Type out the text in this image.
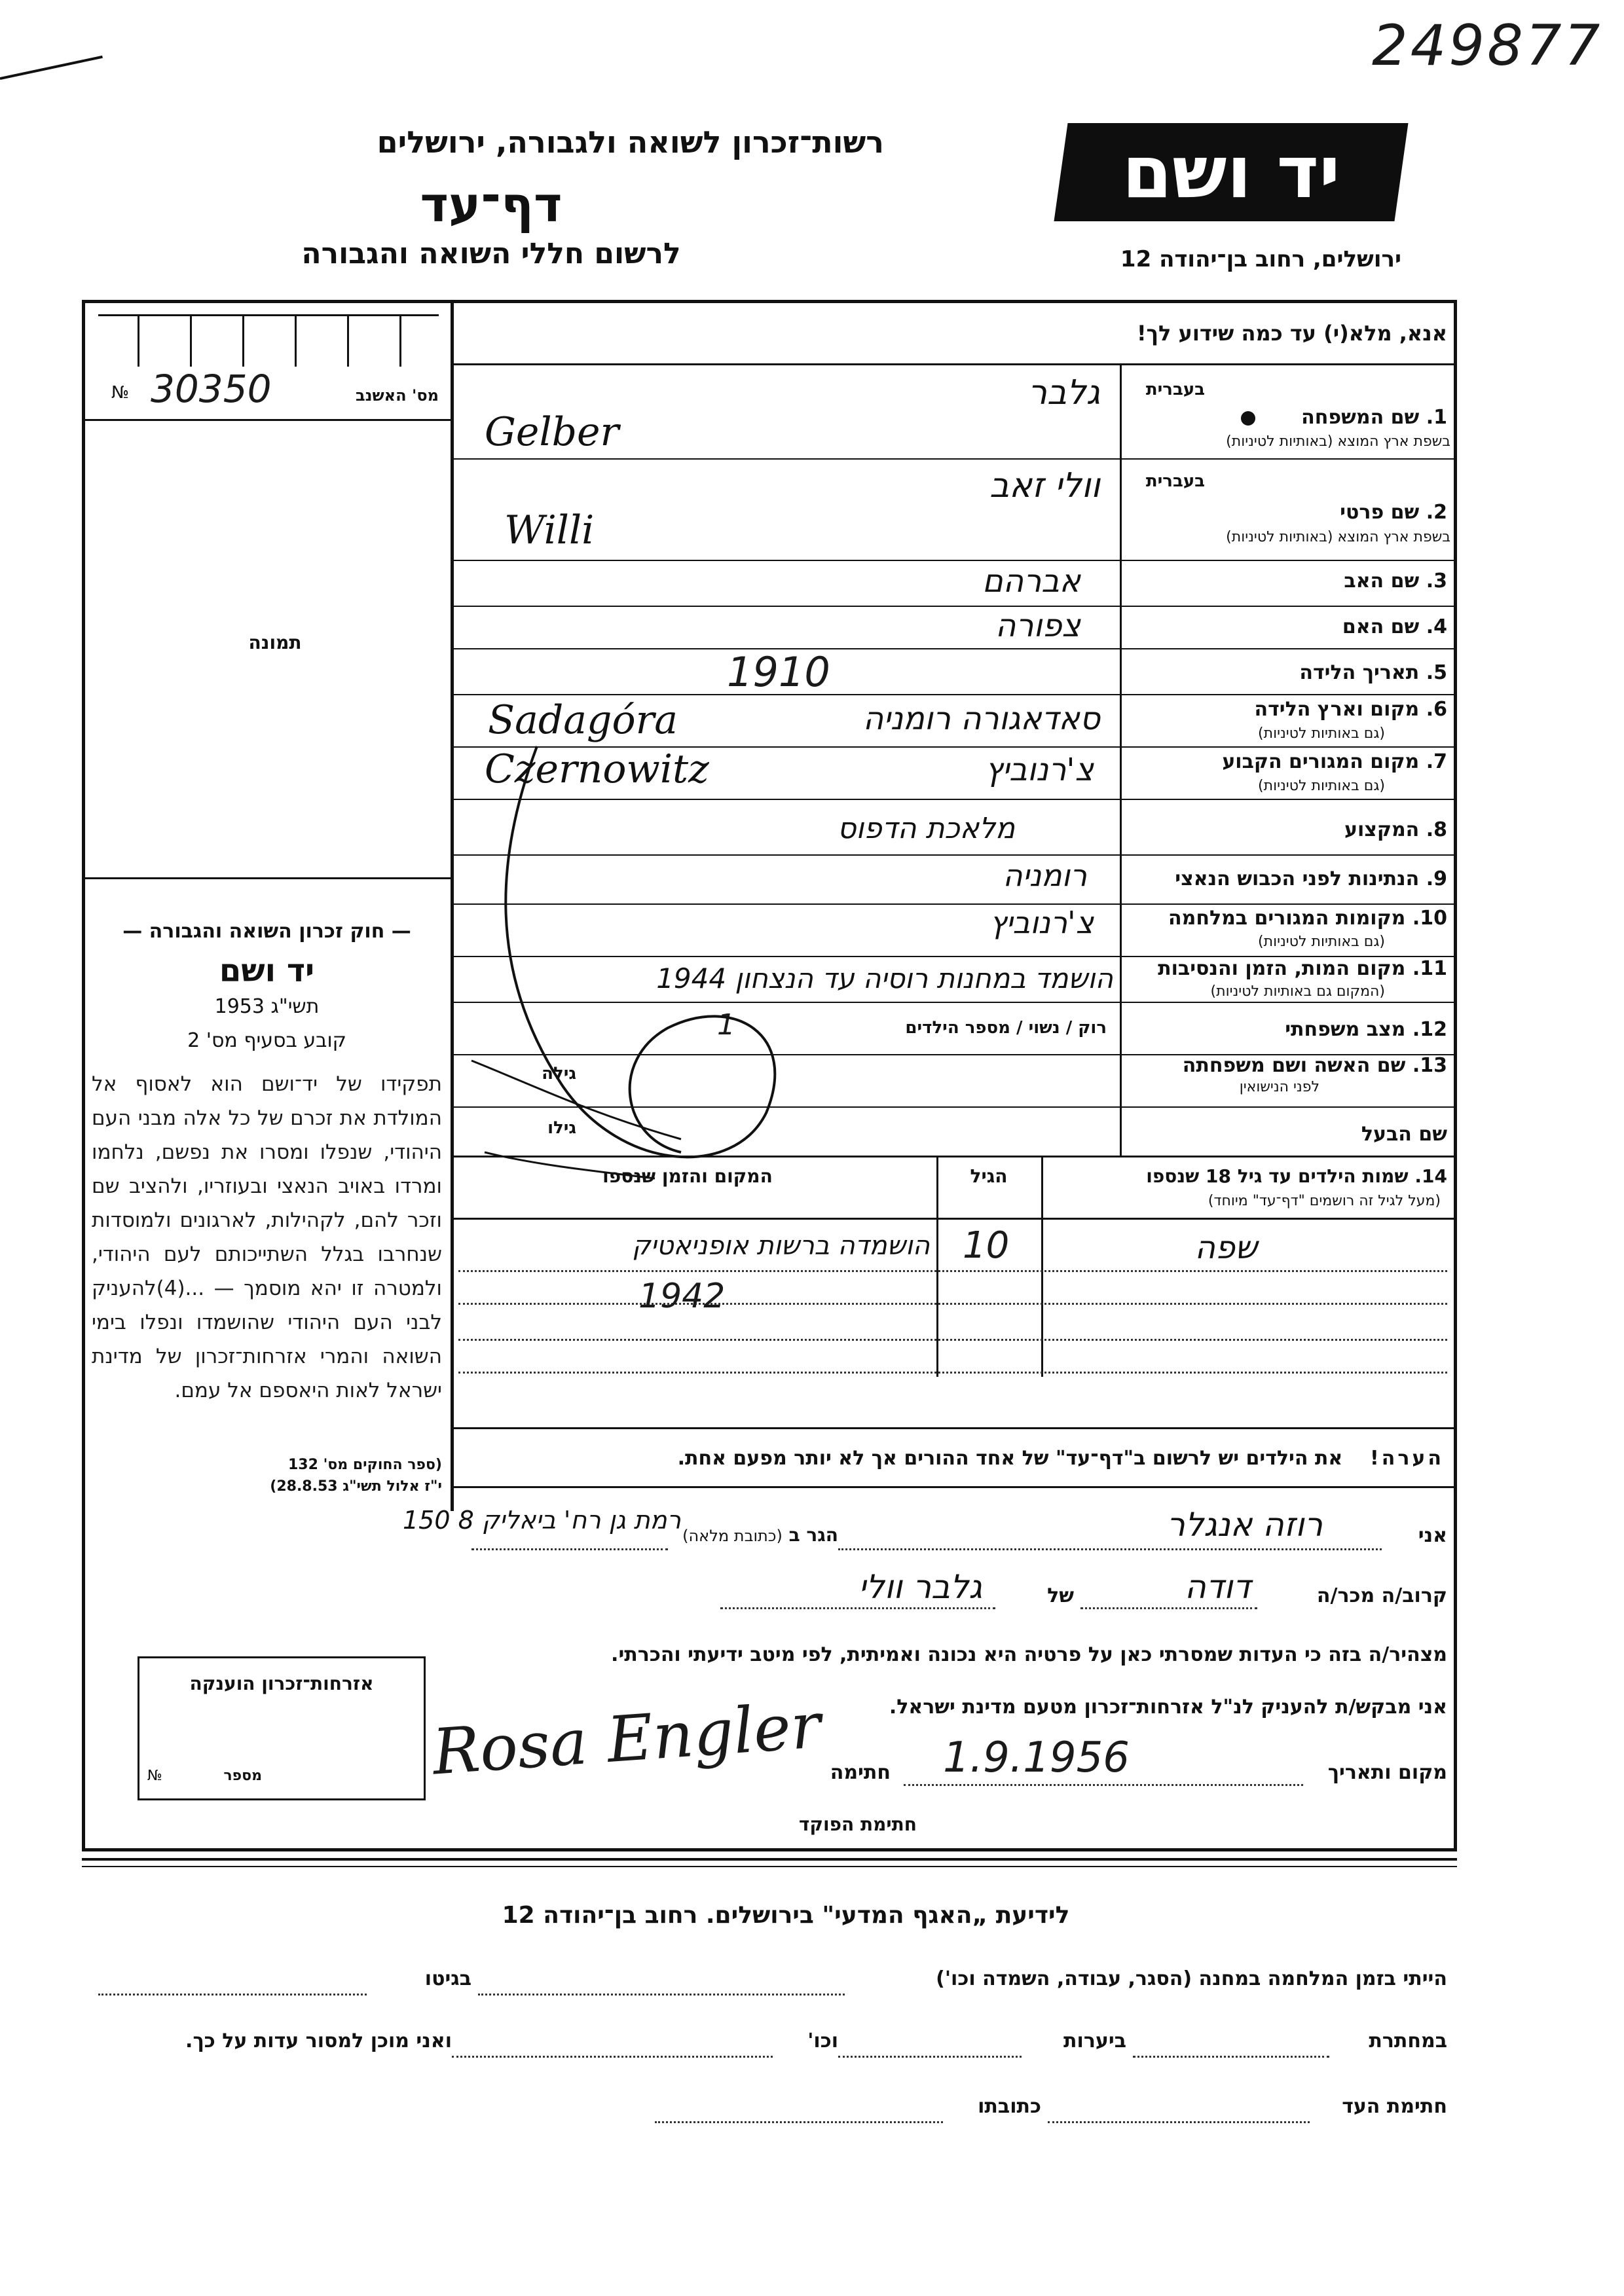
249877
רשות־זכרון לשואה ולגבורה, ירושלים
דף־עד
לרשום חללי השואה והגבורה
יד ושם
ירושלים, רחוב בן־יהודה 12
№ 30350	מס' האשנב
תמונה
— חוק זכרון השואה והגבורה —
יד ושם
1953 תשי"ג
קובע בסעיף מס' 2
תפקידו של יד־ושם הוא לאסוף אל המולדת את זכרם של כל אלה מבני העם היהודי, שנפלו ומסרו את נפשם, נלחמו ומרדו באויב הנאצי ובעוזריו, ולהציב שם וזכר להם, לקהילות, לארגונים ולמוסדות שנחרבו בגלל השתייכותם לעם היהודי, ולמטרה זו יהא מוסמך — ...(4)להעניק לבני העם היהודי שהושמדו ונפלו בימי השואה והמרי אזרחות־זכרון של מדינת ישראל לאות היאספם אל עמם.
(ספר החוקים מס' 132
י"ז אלול תשי"ג 28.8.53)
אנא, מלא(י) עד כמה שידוע לך!
בעברית
1. שם המשפחה
בשפת ארץ המוצא (באותיות לטיניות)
גלבר
Gelber
בעברית
2. שם פרטי
בשפת ארץ המוצא (באותיות לטיניות)
וולי זאב
Willi
3. שם האב
אברהם
4. שם האם
צפורה
5. תאריך הלידה
1910
6. מקום וארץ הלידה
(גם באותיות לטיניות)
סאדאגורה רומניה
Sadagóra
7. מקום המגורים הקבוע
(גם באותיות לטיניות)
צ'רנוביץ
Czernowitz
8. המקצוע
מלאכת הדפוס
9. הנתינות לפני הכבוש הנאצי
רומניה
10. מקומות המגורים במלחמה
(גם באותיות לטיניות)
צ'רנוביץ
11. מקום המות, הזמן והנסיבות
(המקום גם באותיות לטיניות)
הושמד במחנות רוסיה עד הנצחון 1944
12. מצב משפחתי
רוק / נשוי / מספר הילדים
1
13. שם האשה ושם משפחתה
לפני הנישואין
גילה
שם הבעל
גילו
14. שמות הילדים עד גיל 18 שנספו
(מעל לגיל זה רושמים "דף־עד" מיוחד)
הגיל
המקום והזמן שנספו
שפה
10
הושמדה ברשות אופניאטיק
1942
הערה!    את הילדים יש לרשום ב"דף־עד" של אחד ההורים אך לא יותר מפעם אחת.
אני
רוזה אנגלר
הגר ב (כתובת מלאה)
רמת גן רח' ביאליק 8 150
קרוב/ה מכר/ה
דודה
של
גלבר וולי
מצהיר/ה בזה כי העדות שמסרתי כאן על פרטיה היא נכונה ואמיתית, לפי מיטב ידיעתי והכרתי.
אני מבקש/ת להעניק לנ"ל אזרחות־זכרון מטעם מדינת ישראל.
מקום ותאריך
1.9.1956
חתימה
Rosa Engler
חתימת הפוקד
אזרחות־זכרון הוענקה
מספר
№
לידיעת „האגף המדעי" בירושלים. רחוב בן־יהודה 12
הייתי בזמן המלחמה במחנה (הסגר, עבודה, השמדה וכו')
בגיטו
במחתרת
ביערות
וכו'
ואני מוכן למסור עדות על כך.
חתימת העד
כתובתו
